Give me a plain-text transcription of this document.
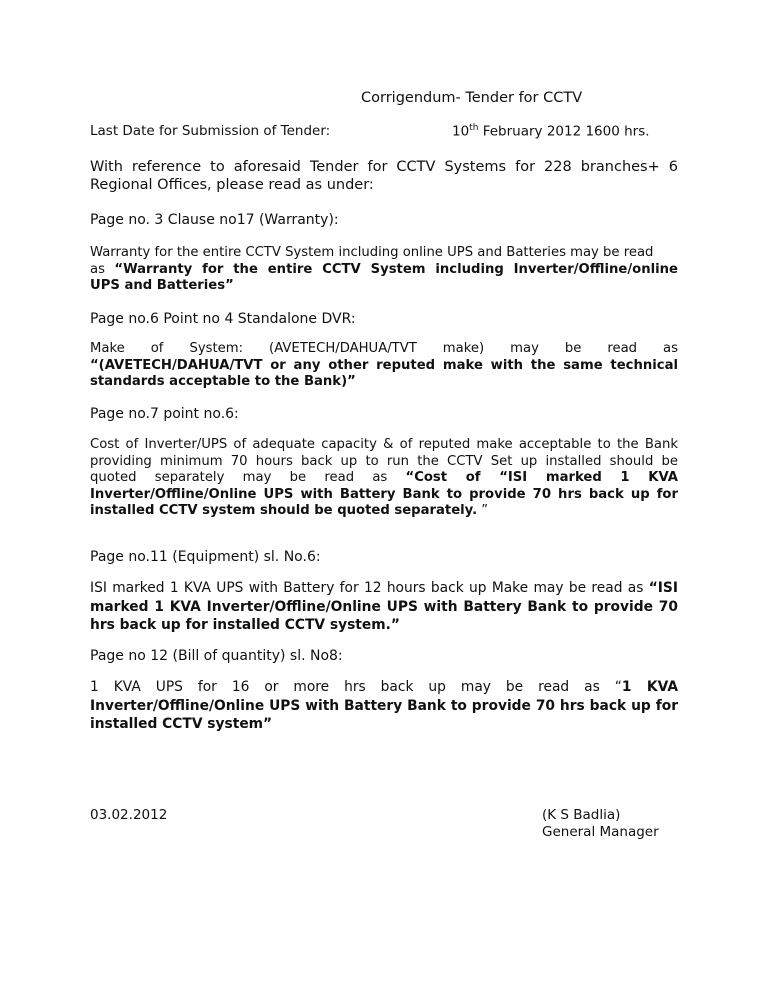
Corrigendum- Tender for CCTV
Last Date for Submission of Tender:	10th February 2012 1600 hrs.
With reference to aforesaid Tender for CCTV Systems for 228 branches+ 6 Regional Offices, please read as under:
Page no. 3 Clause no17 (Warranty):
Warranty for the entire CCTV System including online UPS and Batteries may be read
as “Warranty for the entire CCTV System including Inverter/Offline/online
UPS and Batteries”
Page no.6 Point no 4 Standalone DVR:
Make of System: (AVETECH/DAHUA/TVT make) may be read as
“(AVETECH/DAHUA/TVT or any other reputed make with the same technical
standards acceptable to the Bank)”
Page no.7 point no.6:
Cost of Inverter/UPS of adequate capacity & of reputed make acceptable to the Bank
providing minimum 70 hours back up to run the CCTV Set up installed should be
quoted separately may be read as “Cost of “ISI marked 1 KVA
Inverter/Offline/Online UPS with Battery Bank to provide 70 hrs back up for
installed CCTV system should be quoted separately. ”
Page no.11 (Equipment) sl. No.6:
ISI marked 1 KVA UPS with Battery for 12 hours back up Make may be read as “ISI
marked 1 KVA Inverter/Offline/Online UPS with Battery Bank to provide 70
hrs back up for installed CCTV system.”
Page no 12 (Bill of quantity) sl. No8:
1 KVA UPS for 16 or more hrs back up may be read as “1 KVA
Inverter/Offline/Online UPS with Battery Bank to provide 70 hrs back up for
installed CCTV system”
03.02.2012	(K S Badlia)
General Manager
